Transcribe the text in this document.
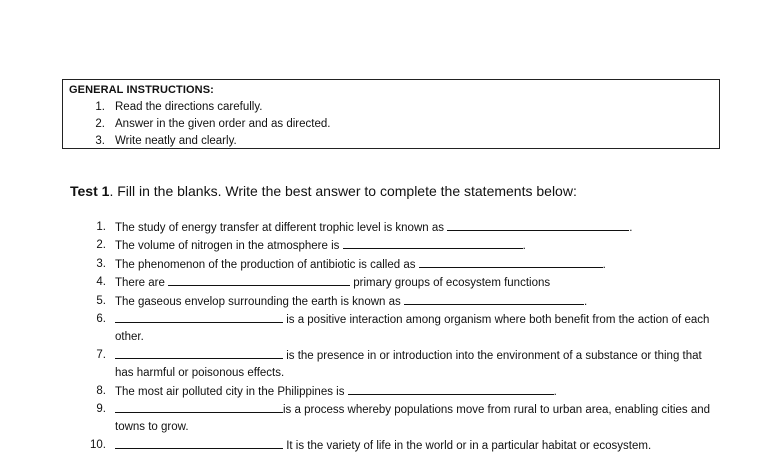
GENERAL INSTRUCTIONS:
1. Read the directions carefully.
2. Answer in the given order and as directed.
3. Write neatly and clearly.
Test 1. Fill in the blanks. Write the best answer to complete the statements below:
1. The study of energy transfer at different trophic level is known as	.
2. The volume of nitrogen in the atmosphere is	.
3. The phenomenon of the production of antibiotic is called as	.
4. There are	primary groups of ecosystem functions
5. The gaseous envelop surrounding the earth is known as	.
6.	is a positive interaction among organism where both benefit from the action of each other.
7.	is the presence in or introduction into the environment of a substance or thing that has harmful or poisonous effects.
8. The most air polluted city in the Philippines is	.
9.	is a process whereby populations move from rural to urban area, enabling cities and towns to grow.
10.	It is the variety of life in the world or in a particular habitat or ecosystem.
